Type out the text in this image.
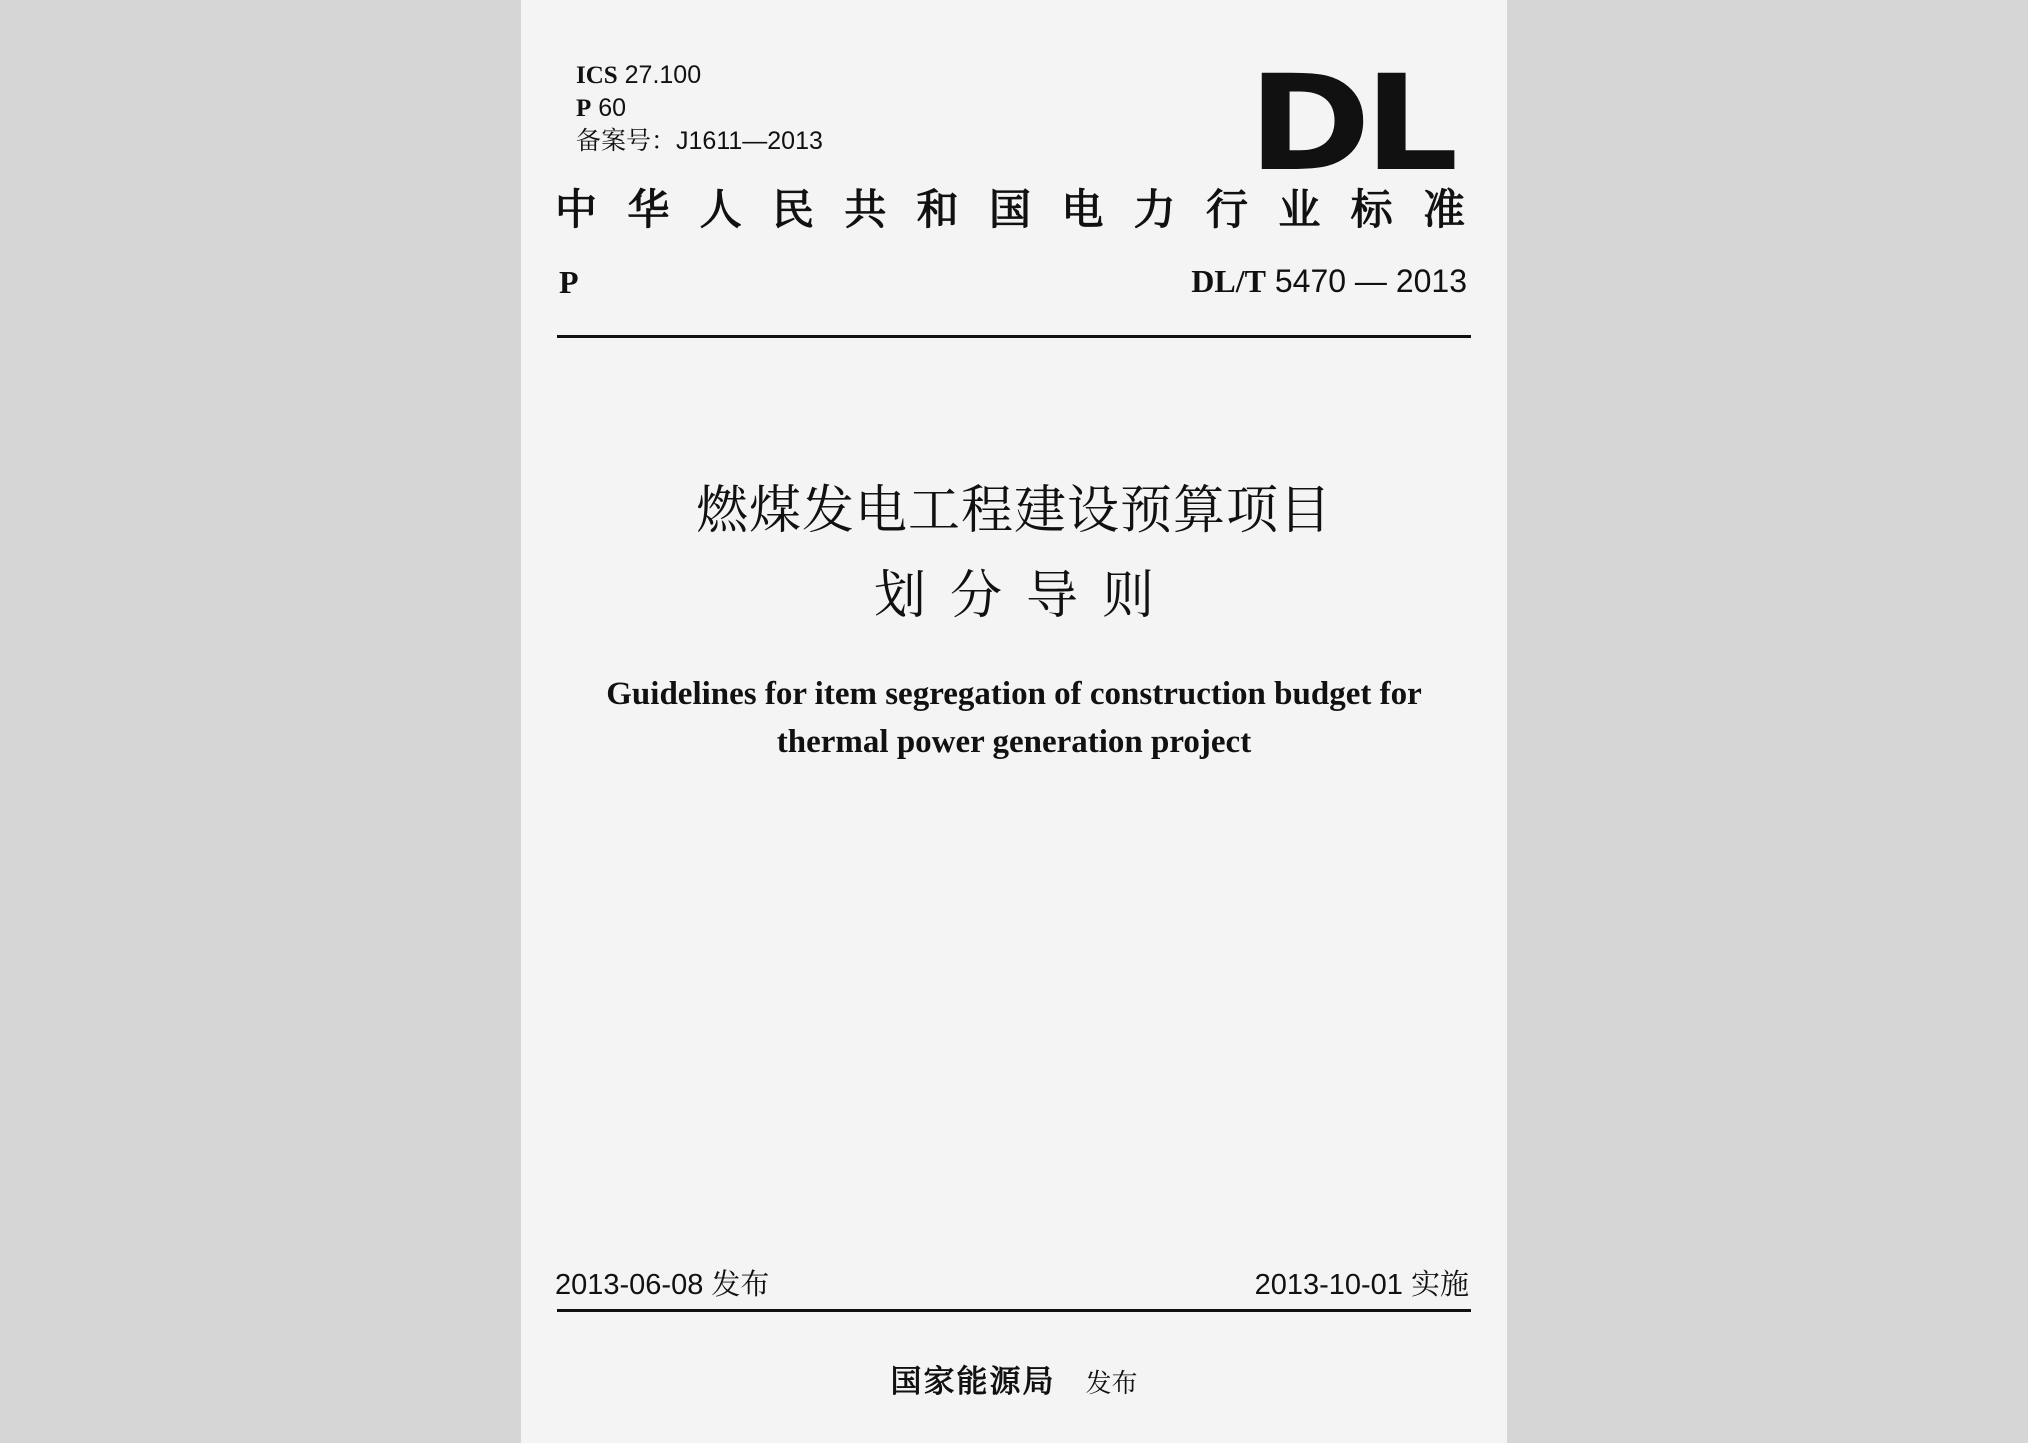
ICS 27.100
P 60
备案号：J1611—2013	DL
中华人民共和国电力行业标准
P	DL/T 5470 — 2013
燃煤发电工程建设预算项目
划分导则
Guidelines for item segregation of construction budget for
thermal power generation project
2013-06-08 发布	2013-10-01 实施
国家能源局 发布
